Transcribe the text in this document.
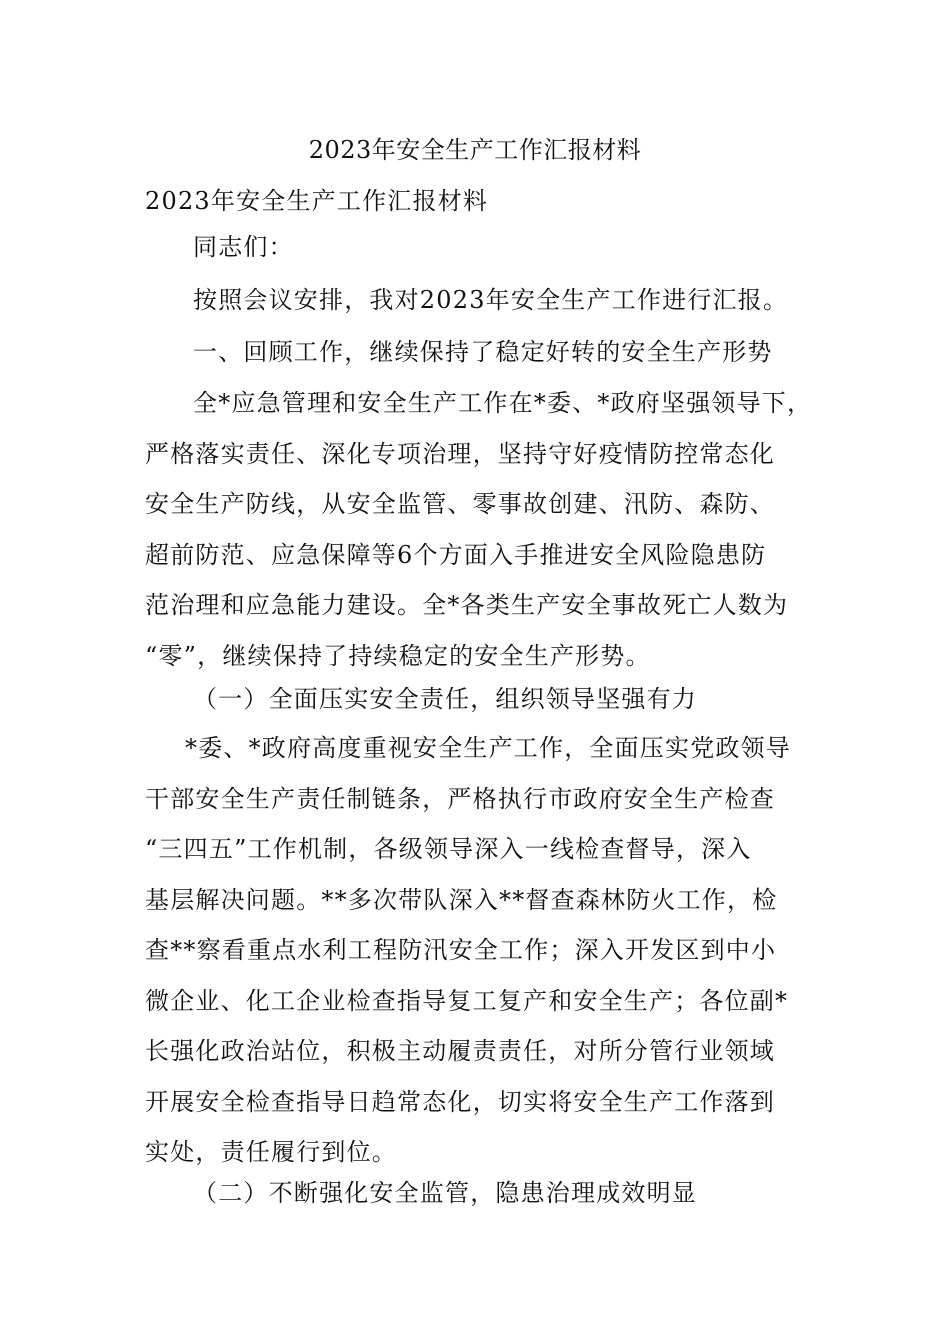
2023年安全生产工作汇报材料
2023年安全生产工作汇报材料
同志们：
按照会议安排，我对2023年安全生产工作进行汇报。
一、回顾工作，继续保持了稳定好转的安全生产形势
全*应急管理和安全生产工作在*委、*政府坚强领导下，
严格落实责任、深化专项治理，坚持守好疫情防控常态化
安全生产防线，从安全监管、零事故创建、汛防、森防、
超前防范、应急保障等6个方面入手推进安全风险隐患防
范治理和应急能力建设。全*各类生产安全事故死亡人数为
“零”，继续保持了持续稳定的安全生产形势。
（一）全面压实安全责任，组织领导坚强有力
*委、*政府高度重视安全生产工作，全面压实党政领导
干部安全生产责任制链条，严格执行市政府安全生产检查
“三四五”工作机制，各级领导深入一线检查督导，深入
基层解决问题。**多次带队深入**督查森林防火工作，检
查**察看重点水利工程防汛安全工作；深入开发区到中小
微企业、化工企业检查指导复工复产和安全生产；各位副*
长强化政治站位，积极主动履责责任，对所分管行业领域
开展安全检查指导日趋常态化，切实将安全生产工作落到
实处，责任履行到位。
（二）不断强化安全监管，隐患治理成效明显
